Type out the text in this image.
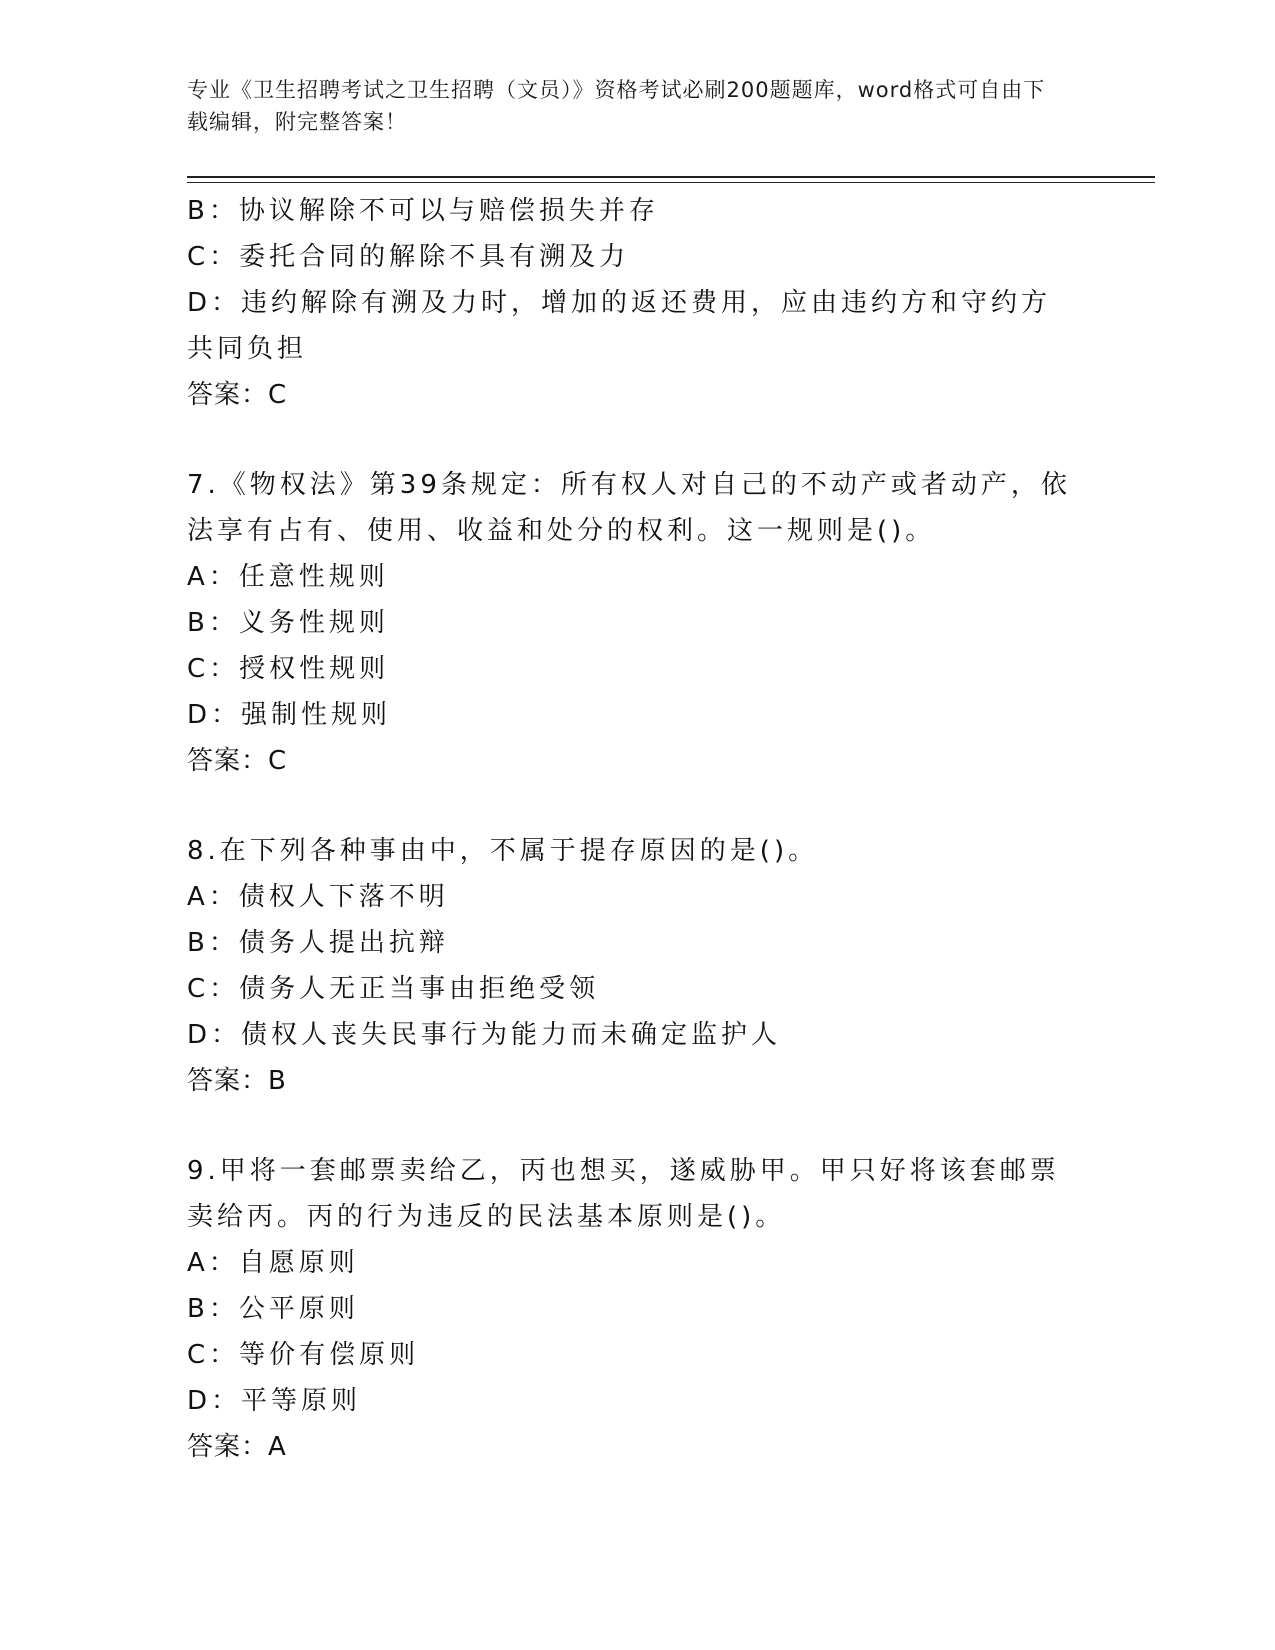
专业《卫生招聘考试之卫生招聘（文员）》资格考试必刷200题题库，word格式可自由下载编辑，附完整答案！
B：协议解除不可以与赔偿损失并存
C：委托合同的解除不具有溯及力
D：违约解除有溯及力时，增加的返还费用，应由违约方和守约方共同负担
答案：C
7.《物权法》第39条规定：所有权人对自己的不动产或者动产，依法享有占有、使用、收益和处分的权利。这一规则是()。
A：任意性规则
B：义务性规则
C：授权性规则
D：强制性规则
答案：C
8.在下列各种事由中，不属于提存原因的是()。
A：债权人下落不明
B：债务人提出抗辩
C：债务人无正当事由拒绝受领
D：债权人丧失民事行为能力而未确定监护人
答案：B
9.甲将一套邮票卖给乙，丙也想买，遂威胁甲。甲只好将该套邮票卖给丙。丙的行为违反的民法基本原则是()。
A：自愿原则
B：公平原则
C：等价有偿原则
D：平等原则
答案：A
